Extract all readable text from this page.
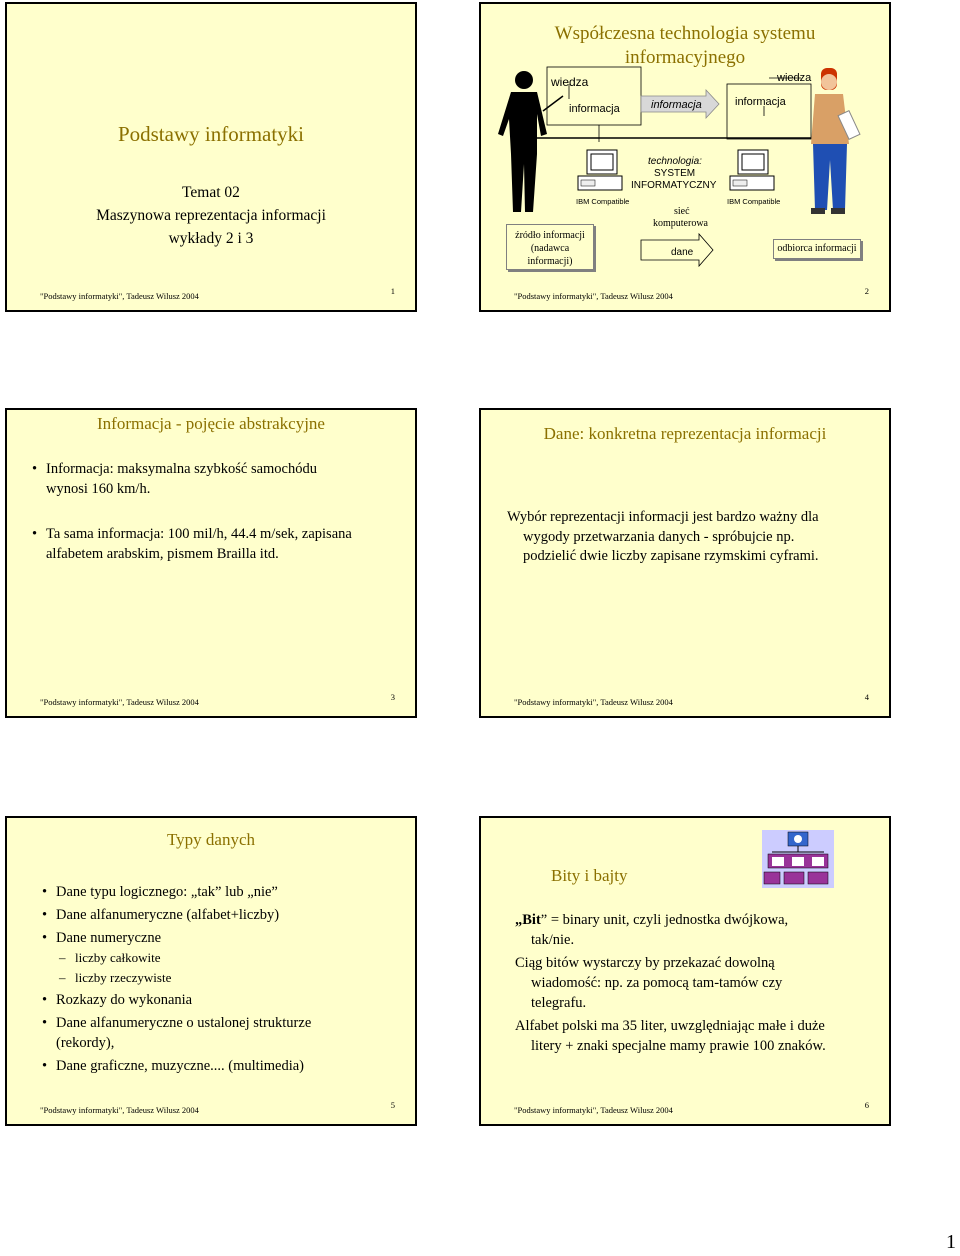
Podstawy informatyki
Temat 02
Maszynowa reprezentacja informacji
wykłady 2 i 3
"Podstawy informatyki", Tadeusz Wilusz 2004	1
Współczesna technologia systemu
informacyjnego
wiedza
informacja	informacja	informacja
wiedza
IBM Compatible	IBM Compatible
technologia:
SYSTEM
INFORMATYCZNY
sieć
komputerowa
dane
źródło informacji
(nadawca
informacji)
odbiorca informacji
"Podstawy informatyki", Tadeusz Wilusz 2004	2
Informacja - pojęcie abstrakcyjne
• Informacja: maksymalna szybkość samochódu
wynosi 160 km/h.
• Ta sama informacja: 100 mil/h, 44.4 m/sek, zapisana
alfabetem arabskim, pismem Brailla itd.
"Podstawy informatyki", Tadeusz Wilusz 2004	3
Dane: konkretna reprezentacja informacji
Wybór reprezentacji informacji jest bardzo ważny dla
wygody przetwarzania danych - spróbujcie np.
podzielić dwie liczby zapisane rzymskimi cyframi.
"Podstawy informatyki", Tadeusz Wilusz 2004	4
Typy danych
• Dane typu logicznego: „tak” lub „nie”
• Dane alfanumeryczne (alfabet+liczby)
• Dane numeryczne
– liczby całkowite
– liczby rzeczywiste
• Rozkazy do wykonania
• Dane alfanumeryczne o ustalonej strukturze
(rekordy),
• Dane graficzne, muzyczne.... (multimedia)
"Podstawy informatyki", Tadeusz Wilusz 2004	5
Bity i bajty
„Bit” = binary unit, czyli jednostka dwójkowa,
tak/nie.
Ciąg bitów wystarczy by przekazać dowolną
wiadomość: np. za pomocą tam-tamów czy
telegrafu.
Alfabet polski ma 35 liter, uwzględniając małe i duże
litery + znaki specjalne mamy prawie 100 znaków.
"Podstawy informatyki", Tadeusz Wilusz 2004	6
1
